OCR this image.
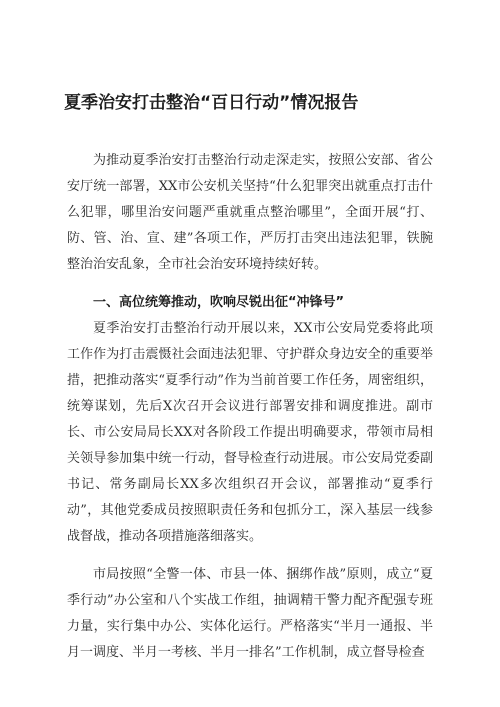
夏季治安打击整治“百日行动”情况报告

为推动夏季治安打击整治行动走深走实，按照公安部、省公安厅统一部署，XX市公安机关坚持“什么犯罪突出就重点打击什么犯罪，哪里治安问题严重就重点整治哪里”，全面开展“打、防、管、治、宣、建”各项工作，严厉打击突出违法犯罪，铁腕整治治安乱象，全市社会治安环境持续好转。

一、高位统筹推动，吹响尽锐出征“冲锋号”

夏季治安打击整治行动开展以来，XX市公安局党委将此项工作作为打击震慑社会面违法犯罪、守护群众身边安全的重要举措，把推动落实“夏季行动”作为当前首要工作任务，周密组织，统筹谋划，先后X次召开会议进行部署安排和调度推进。副市长、市公安局局长XX对各阶段工作提出明确要求，带领市局相关领导参加集中统一行动，督导检查行动进展。市公安局党委副书记、常务副局长XX多次组织召开会议，部署推动“夏季行动”，其他党委成员按照职责任务和包抓分工，深入基层一线参战督战，推动各项措施落细落实。

市局按照“全警一体、市县一体、捆绑作战”原则，成立“夏季行动”办公室和八个实战工作组，抽调精干警力配齐配强专班力量，实行集中办公、实体化运行。严格落实“半月一通报、半月一调度、半月一考核、半月一排名”工作机制，成立督导检查
